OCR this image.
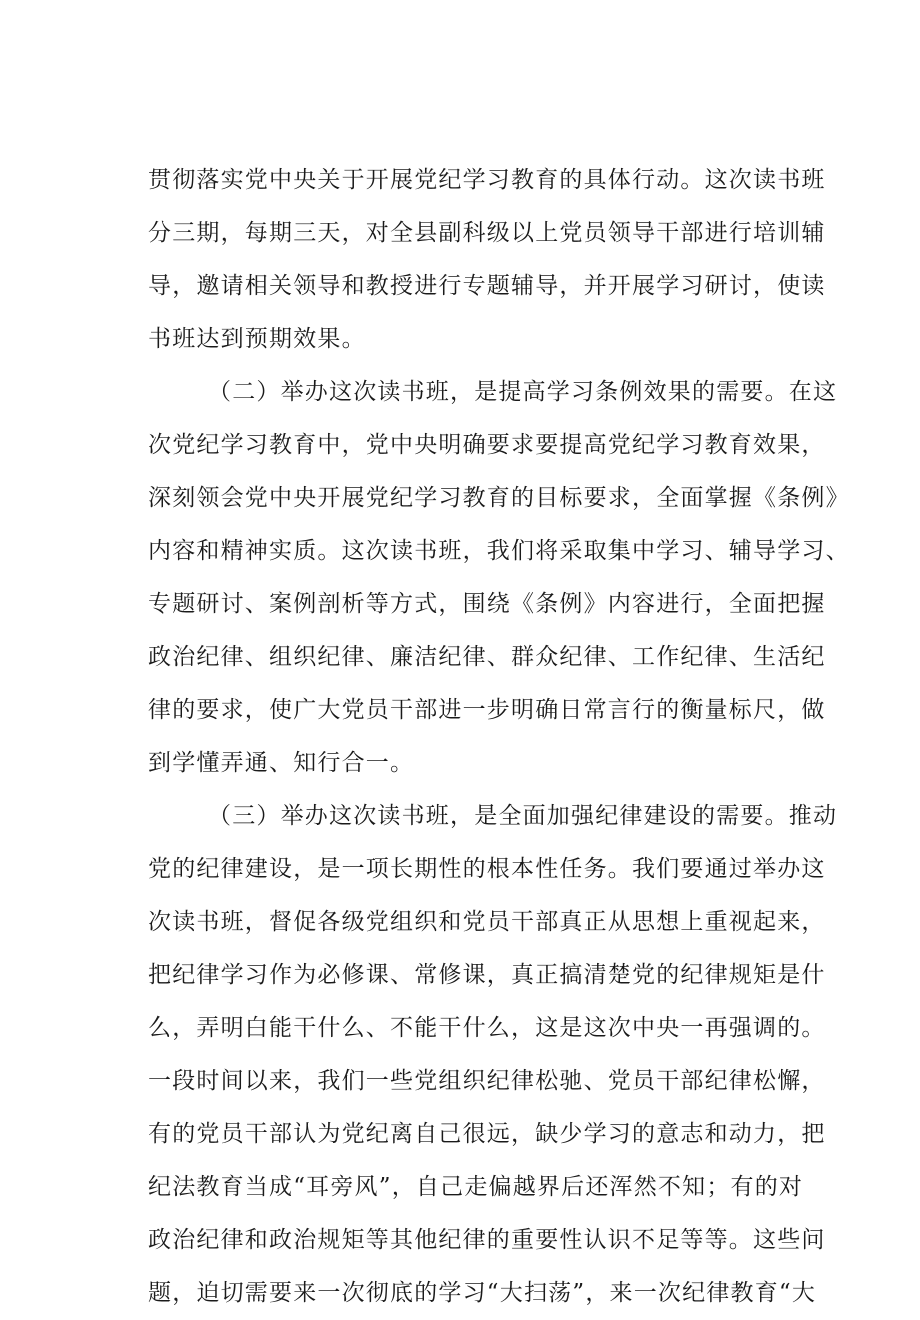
贯彻落实党中央关于开展党纪学习教育的具体行动。这次读书班
分三期，每期三天，对全县副科级以上党员领导干部进行培训辅
导，邀请相关领导和教授进行专题辅导，并开展学习研讨，使读
书班达到预期效果。
（二）举办这次读书班，是提高学习条例效果的需要。在这
次党纪学习教育中，党中央明确要求要提高党纪学习教育效果，
深刻领会党中央开展党纪学习教育的目标要求，全面掌握《条例》
内容和精神实质。这次读书班，我们将采取集中学习、辅导学习、
专题研讨、案例剖析等方式，围绕《条例》内容进行，全面把握
政治纪律、组织纪律、廉洁纪律、群众纪律、工作纪律、生活纪
律的要求，使广大党员干部进一步明确日常言行的衡量标尺，做
到学懂弄通、知行合一。
（三）举办这次读书班，是全面加强纪律建设的需要。推动
党的纪律建设，是一项长期性的根本性任务。我们要通过举办这
次读书班，督促各级党组织和党员干部真正从思想上重视起来，
把纪律学习作为必修课、常修课，真正搞清楚党的纪律规矩是什
么，弄明白能干什么、不能干什么，这是这次中央一再强调的。
一段时间以来，我们一些党组织纪律松驰、党员干部纪律松懈，
有的党员干部认为党纪离自己很远，缺少学习的意志和动力，把
纪法教育当成“耳旁风”，自己走偏越界后还浑然不知；有的对
政治纪律和政治规矩等其他纪律的重要性认识不足等等。这些问
题，迫切需要来一次彻底的学习“大扫荡”，来一次纪律教育“大
